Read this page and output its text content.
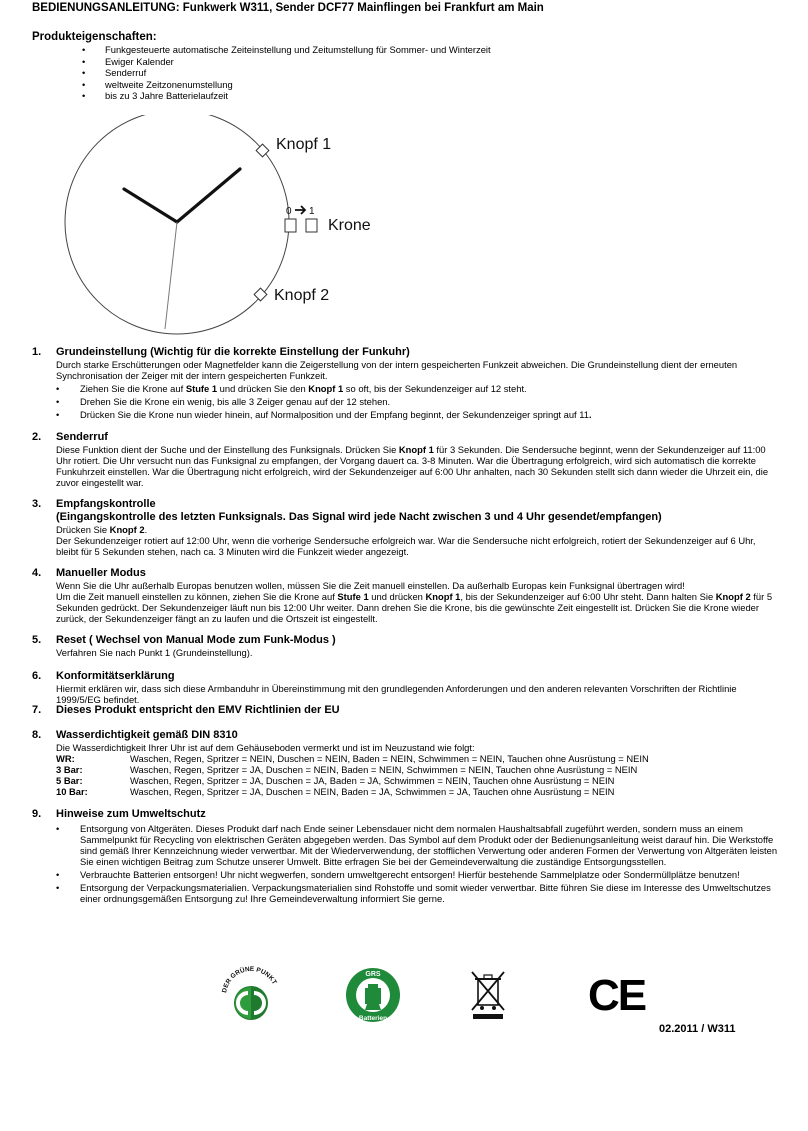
BEDIENUNGSANLEITUNG: Funkwerk W311, Sender DCF77 Mainflingen bei Frankfurt am Main
Produkteigenschaften:
• Funkgesteuerte automatische Zeiteinstellung und Zeitumstellung für Sommer- und Winterzeit
• Ewiger Kalender
• Senderruf
• weltweite Zeitzonenumstellung
• bis zu 3 Jahre Batterielaufzeit
Knopf 1
0 1
Krone
Knopf 2
1.	Grundeinstellung (Wichtig für die korrekte Einstellung der Funkuhr)

Durch starke Erschütterungen oder Magnetfelder kann die Zeigerstellung von der intern gespeicherten Funkzeit abweichen. Die Grundeinstellung dient der erneuten Synchronisation der Zeiger mit der intern gespeicherten Funkzeit.

• Ziehen Sie die Krone auf Stufe 1 und drücken Sie den Knopf 1 so oft, bis der Sekundenzeiger auf 12 steht.
• Drehen Sie die Krone ein wenig, bis alle 3 Zeiger genau auf der 12 stehen.
• Drücken Sie die Krone nun wieder hinein, auf Normalposition und der Empfang beginnt, der Sekundenzeiger springt auf 11.
2.	Senderruf

Diese Funktion dient der Suche und der Einstellung des Funksignals. Drücken Sie Knopf 1 für 3 Sekunden. Die Sendersuche beginnt, wenn der Sekundenzeiger auf 11:00 Uhr rotiert. Die Uhr versucht nun das Funksignal zu empfangen, der Vorgang dauert ca. 3-8 Minuten. War die Übertragung erfolgreich, wird sich automatisch die korrekte Funkuhrzeit einstellen. War die Übertragung nicht erfolgreich, wird der Sekundenzeiger auf 6:00 Uhr anhalten, nach 30 Sekunden stellt sich dann wieder die Uhrzeit ein, die zuvor eingestellt war.

3.	Empfangskontrolle
(Eingangskontrolle des letzten Funksignals. Das Signal wird jede Nacht zwischen 3 und 4 Uhr gesendet/empfangen)

Drücken Sie Knopf 2.

Der Sekundenzeiger rotiert auf 12:00 Uhr, wenn die vorherige Sendersuche erfolgreich war. War die Sendersuche nicht erfolgreich, rotiert der Sekundenzeiger auf 6 Uhr, bleibt für 5 Sekunden stehen, nach ca. 3 Minuten wird die Funkzeit wieder angezeigt.

4.	Manueller Modus

Wenn Sie die Uhr außerhalb Europas benutzen wollen, müssen Sie die Zeit manuell einstellen. Da außerhalb Europas kein Funksignal übertragen wird!

Um die Zeit manuell einstellen zu können, ziehen Sie die Krone auf Stufe 1 und drücken Knopf 1, bis der Sekundenzeiger auf 6:00 Uhr steht. Dann halten Sie Knopf 2 für 5 Sekunden gedrückt. Der Sekundenzeiger läuft nun bis 12:00 Uhr weiter. Dann drehen Sie die Krone, bis die gewünschte Zeit eingestellt ist. Drücken Sie die Krone wieder zurück, der Sekundenzeiger fängt an zu laufen und die Ortszeit ist eingestellt.

5.	Reset ( Wechsel von Manual Mode zum Funk-Modus )

Verfahren Sie nach Punkt 1 (Grundeinstellung).

6.	Konformitätserklärung

Hiermit erklären wir, dass sich diese Armbanduhr in Übereinstimmung mit den grundlegenden Anforderungen und den anderen relevanten Vorschriften der Richtlinie 1999/5/EG befindet.

7.	Dieses Produkt entspricht den EMV Richtlinien der EU
8.	Wasserdichtigkeit gemäß DIN 8310

Die Wasserdichtigkeit Ihrer Uhr ist auf dem Gehäuseboden vermerkt und ist im Neuzustand wie folgt:

WR:	Waschen, Regen, Spritzer = NEIN, Duschen = NEIN, Baden = NEIN, Schwimmen = NEIN, Tauchen ohne Ausrüstung = NEIN
3 Bar:	Waschen, Regen, Spritzer = JA, Duschen = NEIN, Baden = NEIN, Schwimmen = NEIN, Tauchen ohne Ausrüstung = NEIN
5 Bar:	Waschen, Regen, Spritzer = JA, Duschen = JA, Baden = JA, Schwimmen = NEIN, Tauchen ohne Ausrüstung = NEIN
10 Bar:	Waschen, Regen, Spritzer = JA, Duschen = NEIN, Baden = JA, Schwimmen = JA, Tauchen ohne Ausrüstung = NEIN
9.	Hinweise zum Umweltschutz
• Entsorgung von Altgeräten. Dieses Produkt darf nach Ende seiner Lebensdauer nicht dem normalen Haushaltsabfall zugeführt werden, sondern muss an einem Sammelpunkt für Recycling von elektrischen Geräten abgegeben werden. Das Symbol auf dem Produkt oder der Bedienungsanleitung weist darauf hin. Die Werkstoffe sind gemäß Ihrer Kennzeichnung wieder verwertbar. Mit der Wiederverwendung, der stofflichen Verwertung oder anderen Formen der Verwertung von Altgeräten leisten Sie einen wichtigen Beitrag zum Schutze unserer Umwelt. Bitte erfragen Sie bei der Gemeindeverwaltung die zuständige Entsorgungsstellen.
• Verbrauchte Batterien entsorgen! Uhr nicht wegwerfen, sondern umweltgerecht entsorgen! Hierfür bestehende Sammelplatze oder Sondermüllplätze benutzen!
• Entsorgung der Verpackungsmaterialien. Verpackungsmaterialien sind Rohstoffe und somit wieder verwertbar. Bitte führen Sie diese im Interesse des Umweltschutzes einer ordnungsgemäßen Entsorgung zu! Ihre Gemeindeverwaltung informiert Sie gerne.
DER GRÜNE PUNKT
GRS
Batterien	CE
02.2011 / W311
